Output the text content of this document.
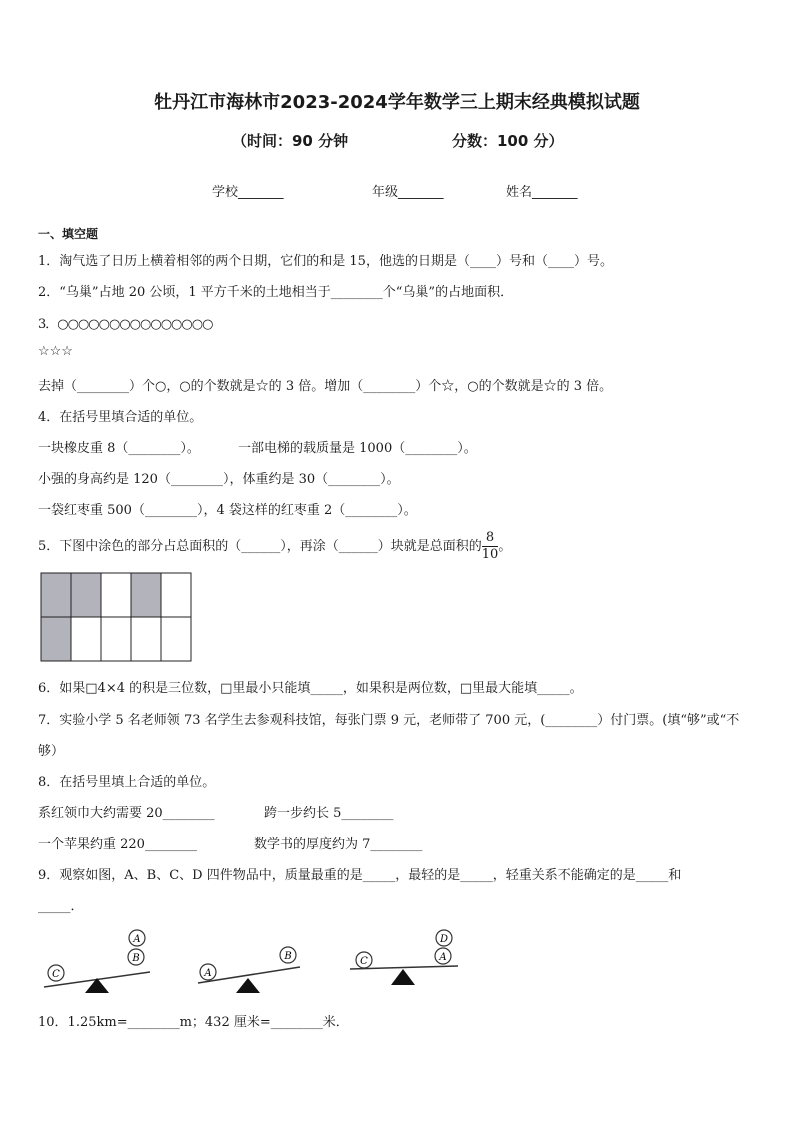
牡丹江市海林市2023-2024学年数学三上期末经典模拟试题
（时间：90 分钟	分数：100 分）
学校_______	年级_______	姓名_______
一、填空题
1．淘气选了日历上横着相邻的两个日期，它们的和是 15，他选的日期是（____）号和（____）号。
2．“乌巢”占地 20 公顷，1 平方千米的土地相当于________个“乌巢”的占地面积．
3．○○○○○○○○○○○○○○○
☆☆☆
去掉（________）个○，○的个数就是☆的 3 倍。增加（________）个☆，○的个数就是☆的 3 倍。
4．在括号里填合适的单位。
一块橡皮重 8（________）。	一部电梯的载质量是 1000（________）。
小强的身高约是 120（________），体重约是 30（________）。
一袋红枣重 500（________），4 袋这样的红枣重 2（________）。
5．下图中涂色的部分占总面积的（______），再涂（______）块就是总面积的 $\frac{8}{10}$ 。
6．如果□4×4 的积是三位数，□里最小只能填_____，如果积是两位数，□里最大能填_____。
7．实验小学 5 名老师领 73 名学生去参观科技馆，每张门票 9 元，老师带了 700 元，(________）付门票。(填“够”或“不
够）
8．在括号里填上合适的单位。
系红领巾大约需要 20________	跨一步约长 5________
一个苹果约重 220________	数学书的厚度约为 7________
9．观察如图，A、B、C、D 四件物品中，质量最重的是_____，最轻的是_____，轻重关系不能确定的是_____和
_____．
C
B
A
A
B	C	A
D
10．1.25km=________m；432 厘米=________米．
